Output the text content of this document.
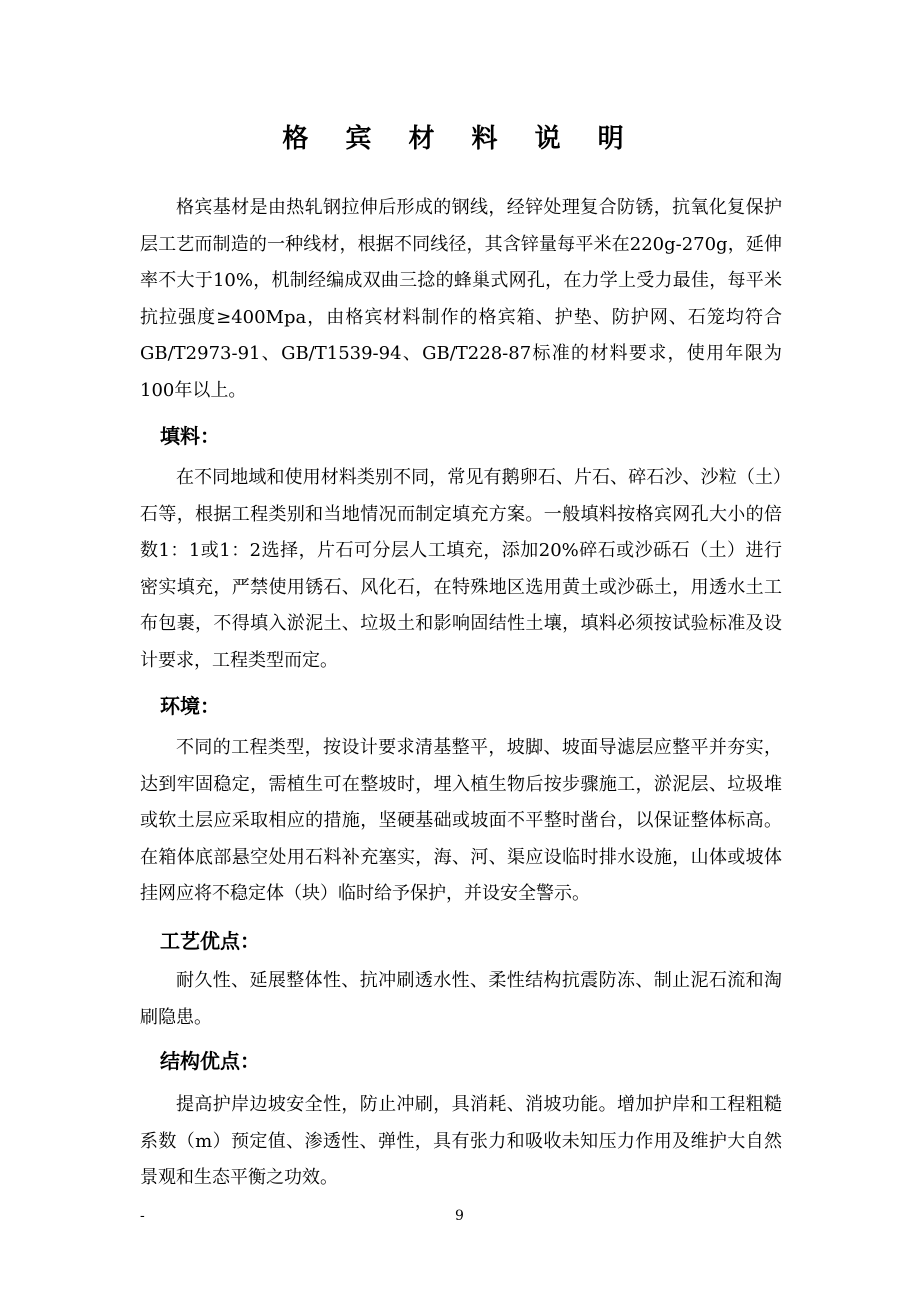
格 宾 材 料 说 明

格宾基材是由热轧钢拉伸后形成的钢线，经锌处理复合防锈，抗氧化复保护层工艺而制造的一种线材，根据不同线径，其含锌量每平米在220g-270g，延伸率不大于10%，机制经编成双曲三捻的蜂巢式网孔，在力学上受力最佳，每平米抗拉强度≥400Mpa，由格宾材料制作的格宾箱、护垫、防护网、石笼均符合GB/T2973-91、GB/T1539-94、GB/T228-87标准的材料要求，使用年限为100年以上。

填料：

在不同地域和使用材料类别不同，常见有鹅卵石、片石、碎石沙、沙粒（土）石等，根据工程类别和当地情况而制定填充方案。一般填料按格宾网孔大小的倍数1：1或1：2选择，片石可分层人工填充，添加20%碎石或沙砾石（土）进行密实填充，严禁使用锈石、风化石，在特殊地区选用黄土或沙砾土，用透水土工布包裹，不得填入淤泥土、垃圾土和影响固结性土壤，填料必须按试验标准及设计要求，工程类型而定。

环境：

不同的工程类型，按设计要求清基整平，坡脚、坡面导滤层应整平并夯实，达到牢固稳定，需植生可在整坡时，埋入植生物后按步骤施工，淤泥层、垃圾堆或软土层应采取相应的措施，坚硬基础或坡面不平整时凿台，以保证整体标高。在箱体底部悬空处用石料补充塞实，海、河、渠应设临时排水设施，山体或坡体挂网应将不稳定体（块）临时给予保护，并设安全警示。

工艺优点：

耐久性、延展整体性、抗冲刷透水性、柔性结构抗震防冻、制止泥石流和淘刷隐患。

结构优点：

提高护岸边坡安全性，防止冲刷，具消耗、消坡功能。增加护岸和工程粗糙系数（m）预定值、渗透性、弹性，具有张力和吸收未知压力作用及维护大自然景观和生态平衡之功效。

-	9
